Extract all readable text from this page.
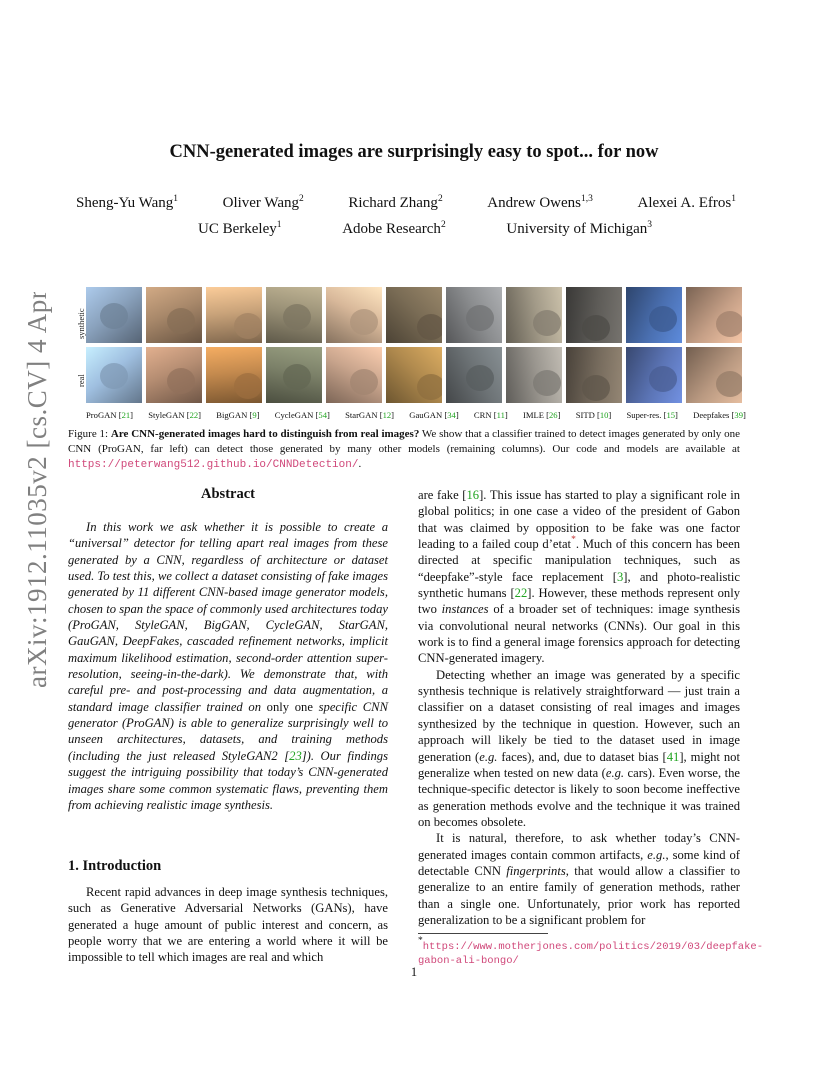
arXiv:1912.11035v2 [cs.CV] 4 Apr 2020
CNN-generated images are surprisingly easy to spot... for now
Sheng-Yu Wang$^1$	Oliver Wang$^2$	Richard Zhang$^2$	Andrew Owens$^{1,3}$	Alexei A. Efros$^1$
UC Berkeley$^1$	Adobe Research$^2$	University of Michigan$^3$
synthetic
real
ProGAN [21] StyleGAN [22] BigGAN [9] CycleGAN [54] StarGAN [12] GauGAN [34] CRN [11] IMLE [26] SITD [10] Super-res. [15] Deepfakes [39]
Figure 1: Are CNN-generated images hard to distinguish from real images? We show that a classifier trained to detect images generated by only one CNN (ProGAN, far left) can detect those generated by many other models (remaining columns). Our code and models are available at https://peterwang512.github.io/CNNDetection/.
Abstract

In this work we ask whether it is possible to create a “universal” detector for telling apart real images from these generated by a CNN, regardless of architecture or dataset used. To test this, we collect a dataset consisting of fake images generated by 11 different CNN-based image generator models, chosen to span the space of commonly used architectures today (ProGAN, StyleGAN, BigGAN, CycleGAN, StarGAN, GauGAN, DeepFakes, cascaded refinement networks, implicit maximum likelihood estimation, second-order attention super-resolution, seeing-in-the-dark). We demonstrate that, with careful pre- and post-processing and data augmentation, a standard image classifier trained on only one specific CNN generator (ProGAN) is able to generalize surprisingly well to unseen architectures, datasets, and training methods (including the just released StyleGAN2 [23]). Our findings suggest the intriguing possibility that today’s CNN-generated images share some common systematic flaws, preventing them from achieving realistic image synthesis.

1. Introduction

Recent rapid advances in deep image synthesis techniques, such as Generative Adversarial Networks (GANs), have generated a huge amount of public interest and concern, as people worry that we are entering a world where it will be impossible to tell which images are real and which

are fake [16]. This issue has started to play a significant role in global politics; in one case a video of the president of Gabon that was claimed by opposition to be fake was one factor leading to a failed coup d’etat*. Much of this concern has been directed at specific manipulation techniques, such as “deepfake”-style face replacement [3], and photo-realistic synthetic humans [22]. However, these methods represent only two instances of a broader set of techniques: image synthesis via convolutional neural networks (CNNs). Our goal in this work is to find a general image forensics approach for detecting CNN-generated imagery.

Detecting whether an image was generated by a specific synthesis technique is relatively straightforward — just train a classifier on a dataset consisting of real images and images synthesized by the technique in question. However, such an approach will likely be tied to the dataset used in image generation (e.g. faces), and, due to dataset bias [41], might not generalize when tested on new data (e.g. cars). Even worse, the technique-specific detector is likely to soon become ineffective as generation methods evolve and the technique it was trained on becomes obsolete.

It is natural, therefore, to ask whether today’s CNN-generated images contain common artifacts, e.g., some kind of detectable CNN fingerprints, that would allow a classifier to generalize to an entire family of generation methods, rather than a single one. Unfortunately, prior work has reported generalization to be a significant problem for

*https://www.motherjones.com/politics/2019/03/deepfake-gabon-ali-bongo/
1
